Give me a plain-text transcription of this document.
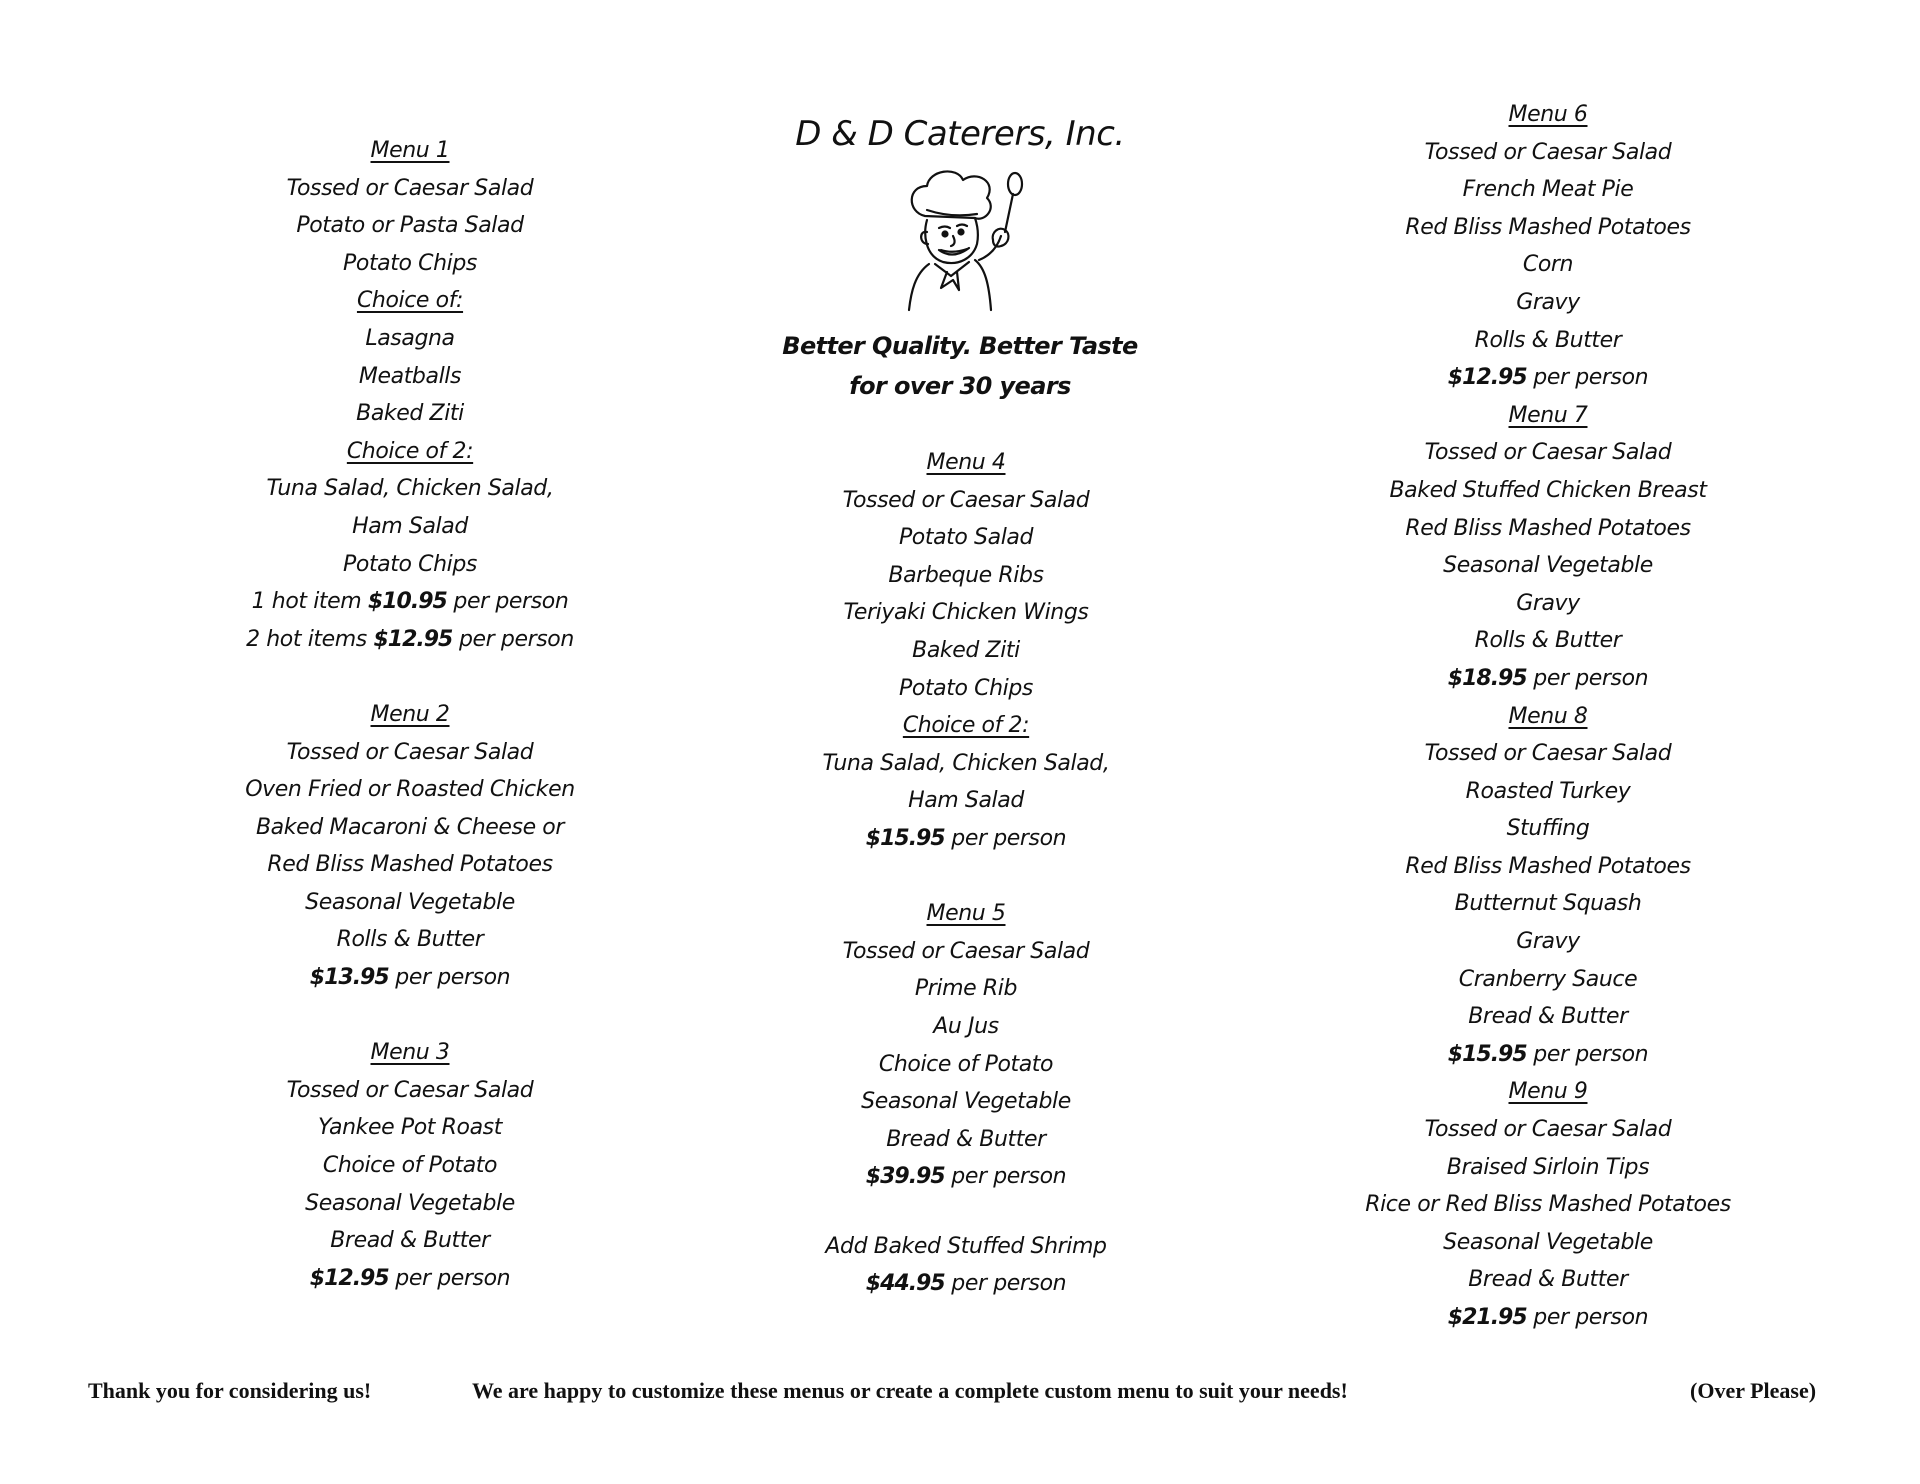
Menu 1
Tossed or Caesar Salad
Potato or Pasta Salad
Potato Chips
Choice of:
Lasagna
Meatballs
Baked Ziti
Choice of 2:
Tuna Salad, Chicken Salad,
Ham Salad
Potato Chips
1 hot item $10.95 per person
2 hot items $12.95 per person
Menu 2
Tossed or Caesar Salad
Oven Fried or Roasted Chicken
Baked Macaroni & Cheese or
Red Bliss Mashed Potatoes
Seasonal Vegetable
Rolls & Butter
$13.95 per person
Menu 3
Tossed or Caesar Salad
Yankee Pot Roast
Choice of Potato
Seasonal Vegetable
Bread & Butter
$12.95 per person
D & D Caterers, Inc.
Better Quality. Better Taste
for over 30 years
Menu 4
Tossed or Caesar Salad
Potato Salad
Barbeque Ribs
Teriyaki Chicken Wings
Baked Ziti
Potato Chips
Choice of 2:
Tuna Salad, Chicken Salad,
Ham Salad
$15.95 per person
Menu 5
Tossed or Caesar Salad
Prime Rib
Au Jus
Choice of Potato
Seasonal Vegetable
Bread & Butter
$39.95 per person
Add Baked Stuffed Shrimp
$44.95 per person
Menu 6
Tossed or Caesar Salad
French Meat Pie
Red Bliss Mashed Potatoes
Corn
Gravy
Rolls & Butter
$12.95 per person
Menu 7
Tossed or Caesar Salad
Baked Stuffed Chicken Breast
Red Bliss Mashed Potatoes
Seasonal Vegetable
Gravy
Rolls & Butter
$18.95 per person
Menu 8
Tossed or Caesar Salad
Roasted Turkey
Stuffing
Red Bliss Mashed Potatoes
Butternut Squash
Gravy
Cranberry Sauce
Bread & Butter
$15.95 per person
Menu 9
Tossed or Caesar Salad
Braised Sirloin Tips
Rice or Red Bliss Mashed Potatoes
Seasonal Vegetable
Bread & Butter
$21.95 per person
Thank you for considering us!	We are happy to customize these menus or create a complete custom menu to suit your needs!	(Over Please)
